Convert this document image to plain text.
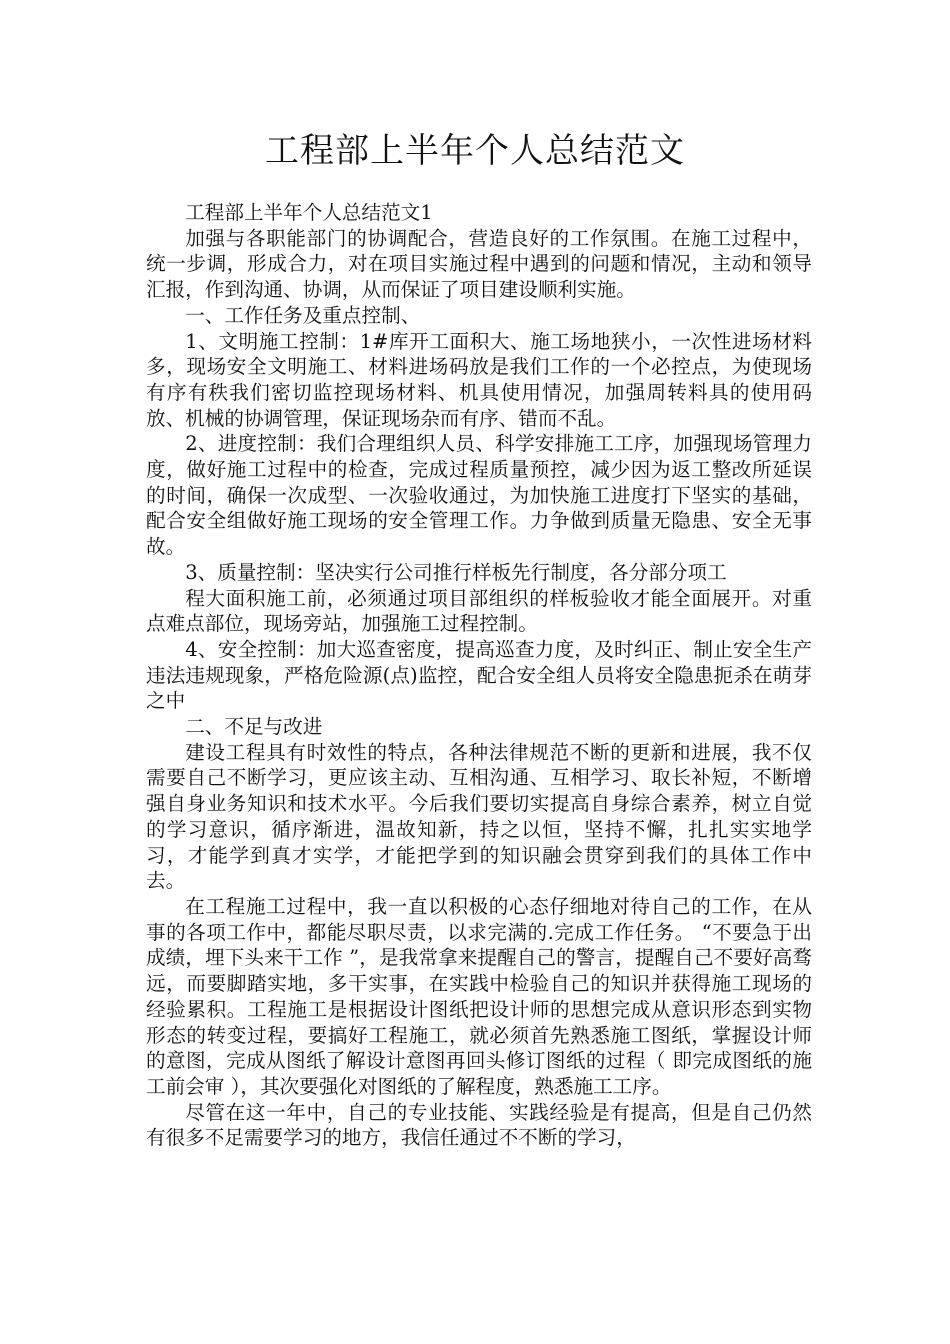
工程部上半年个人总结范文

工程部上半年个人总结范文1

加强与各职能部门的协调配合，营造良好的工作氛围。在施工过程中，统一步调，形成合力，对在项目实施过程中遇到的问题和情况，主动和领导汇报，作到沟通、协调，从而保证了项目建设顺利实施。

一、工作任务及重点控制、

1、文明施工控制：1#库开工面积大、施工场地狭小，一次性进场材料多，现场安全文明施工、材料进场码放是我们工作的一个必控点，为使现场有序有秩我们密切监控现场材料、机具使用情况，加强周转料具的使用码放、机械的协调管理，保证现场杂而有序、错而不乱。

2、进度控制：我们合理组织人员、科学安排施工工序，加强现场管理力度，做好施工过程中的检查，完成过程质量预控，减少因为返工整改所延误的时间，确保一次成型、一次验收通过，为加快施工进度打下坚实的基础，配合安全组做好施工现场的安全管理工作。力争做到质量无隐患、安全无事故。

3、质量控制：坚决实行公司推行样板先行制度，各分部分项工

程大面积施工前，必须通过项目部组织的样板验收才能全面展开。对重点难点部位，现场旁站，加强施工过程控制。

4、安全控制：加大巡查密度，提高巡查力度，及时纠正、制止安全生产违法违规现象，严格危险源(点)监控，配合安全组人员将安全隐患扼杀在萌芽之中

二、不足与改进

建设工程具有时效性的特点，各种法律规范不断的更新和进展，我不仅需要自己不断学习，更应该主动、互相沟通、互相学习、取长补短，不断增强自身业务知识和技术水平。今后我们要切实提高自身综合素养，树立自觉的学习意识，循序渐进，温故知新，持之以恒，坚持不懈，扎扎实实地学习，才能学到真才实学，才能把学到的知识融会贯穿到我们的具体工作中去。

在工程施工过程中，我一直以积极的心态仔细地对待自己的工作，在从事的各项工作中，都能尽职尽责，以求完满的.完成工作任务。 “不要急于出成绩，埋下头来干工作 ”，是我常拿来提醒自己的警言，提醒自己不要好高骛远，而要脚踏实地，多干实事，在实践中检验自己的知识并获得施工现场的经验累积。工程施工是根据设计图纸把设计师的思想完成从意识形态到实物形态的转变过程，要搞好工程施工，就必须首先熟悉施工图纸，掌握设计师的意图，完成从图纸了解设计意图再回头修订图纸的过程（ 即完成图纸的施工前会审 ），其次要强化对图纸的了解程度，熟悉施工工序。

尽管在这一年中，自己的专业技能、实践经验是有提高，但是自己仍然有很多不足需要学习的地方，我信任通过不不断的学习，
